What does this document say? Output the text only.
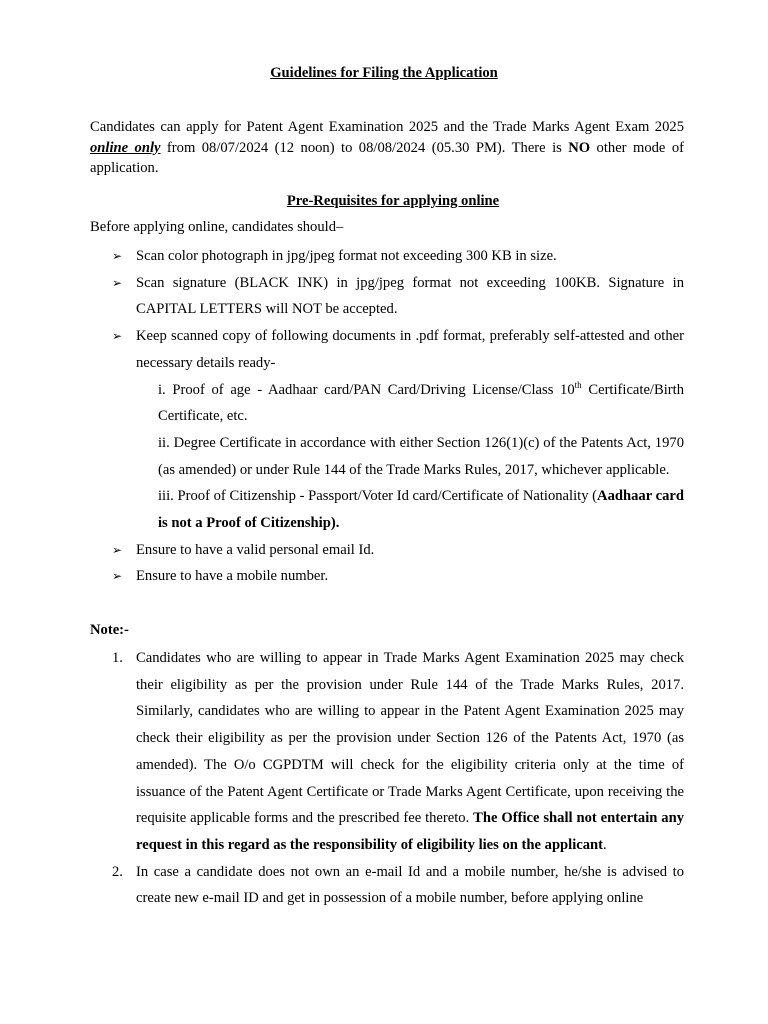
Guidelines for Filing the Application

Candidates can apply for Patent Agent Examination 2025 and the Trade Marks Agent Exam 2025 online only from 08/07/2024 (12 noon) to 08/08/2024 (05.30 PM). There is NO other mode of application.

Pre-Requisites for applying online

Before applying online, candidates should–

➢ Scan color photograph in jpg/jpeg format not exceeding 300 KB in size.
➢ Scan signature (BLACK INK) in jpg/jpeg format not exceeding 100KB. Signature in CAPITAL LETTERS will NOT be accepted.
➢ Keep scanned copy of following documents in .pdf format, preferably self-attested and other necessary details ready-
i. Proof of age - Aadhaar card/PAN Card/Driving License/Class 10th Certificate/Birth Certificate, etc.
ii. Degree Certificate in accordance with either Section 126(1)(c) of the Patents Act, 1970 (as amended) or under Rule 144 of the Trade Marks Rules, 2017, whichever applicable.
iii. Proof of Citizenship - Passport/Voter Id card/Certificate of Nationality (Aadhaar card is not a Proof of Citizenship).
➢ Ensure to have a valid personal email Id.
➢ Ensure to have a mobile number.

Note:-

1. Candidates who are willing to appear in Trade Marks Agent Examination 2025 may check their eligibility as per the provision under Rule 144 of the Trade Marks Rules, 2017. Similarly, candidates who are willing to appear in the Patent Agent Examination 2025 may check their eligibility as per the provision under Section 126 of the Patents Act, 1970 (as amended). The O/o CGPDTM will check for the eligibility criteria only at the time of issuance of the Patent Agent Certificate or Trade Marks Agent Certificate, upon receiving the requisite applicable forms and the prescribed fee thereto. The Office shall not entertain any request in this regard as the responsibility of eligibility lies on the applicant.
2. In case a candidate does not own an e-mail Id and a mobile number, he/she is advised to create new e-mail ID and get in possession of a mobile number, before applying online
